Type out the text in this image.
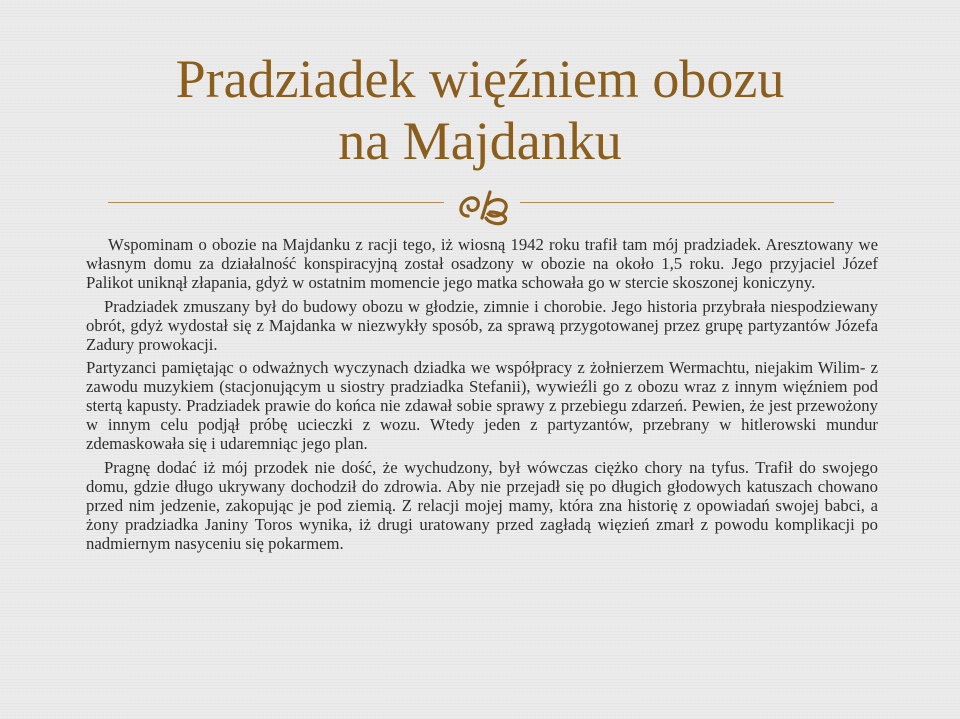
Pradziadek więźniem obozu
na Majdanku

Wspominam o obozie na Majdanku z racji tego, iż wiosną 1942 roku trafił tam mój pradziadek. Aresztowany we własnym domu za działalność konspiracyjną został osadzony w obozie na około 1,5 roku. Jego przyjaciel Józef Palikot uniknął złapania, gdyż w ostatnim momencie jego matka schowała go w stercie skoszonej koniczyny.

Pradziadek zmuszany był do budowy obozu w głodzie, zimnie i chorobie. Jego historia przybrała niespodziewany obrót, gdyż wydostał się z Majdanka w niezwykły sposób, za sprawą przygotowanej przez grupę partyzantów Józefa Zadury prowokacji.

Partyzanci pamiętając o odważnych wyczynach dziadka we współpracy z żołnierzem Wermachtu, niejakim Wilim- z zawodu muzykiem (stacjonującym u siostry pradziadka Stefanii), wywieźli go z obozu wraz z innym więźniem pod stertą kapusty. Pradziadek prawie do końca nie zdawał sobie sprawy z przebiegu zdarzeń. Pewien, że jest przewożony w innym celu podjął próbę ucieczki z wozu. Wtedy jeden z partyzantów, przebrany w hitlerowski mundur zdemaskowała się i udaremniąc jego plan.

Pragnę dodać iż mój przodek nie dość, że wychudzony, był wówczas ciężko chory na tyfus. Trafił do swojego domu, gdzie długo ukrywany dochodził do zdrowia. Aby nie przejadł się po długich głodowych katuszach chowano przed nim jedzenie, zakopując je pod ziemią. Z relacji mojej mamy, która zna historię z opowiadań swojej babci, a żony pradziadka Janiny Toros wynika, iż drugi uratowany przed zagładą więzień zmarł z powodu komplikacji po nadmiernym nasyceniu się pokarmem.
